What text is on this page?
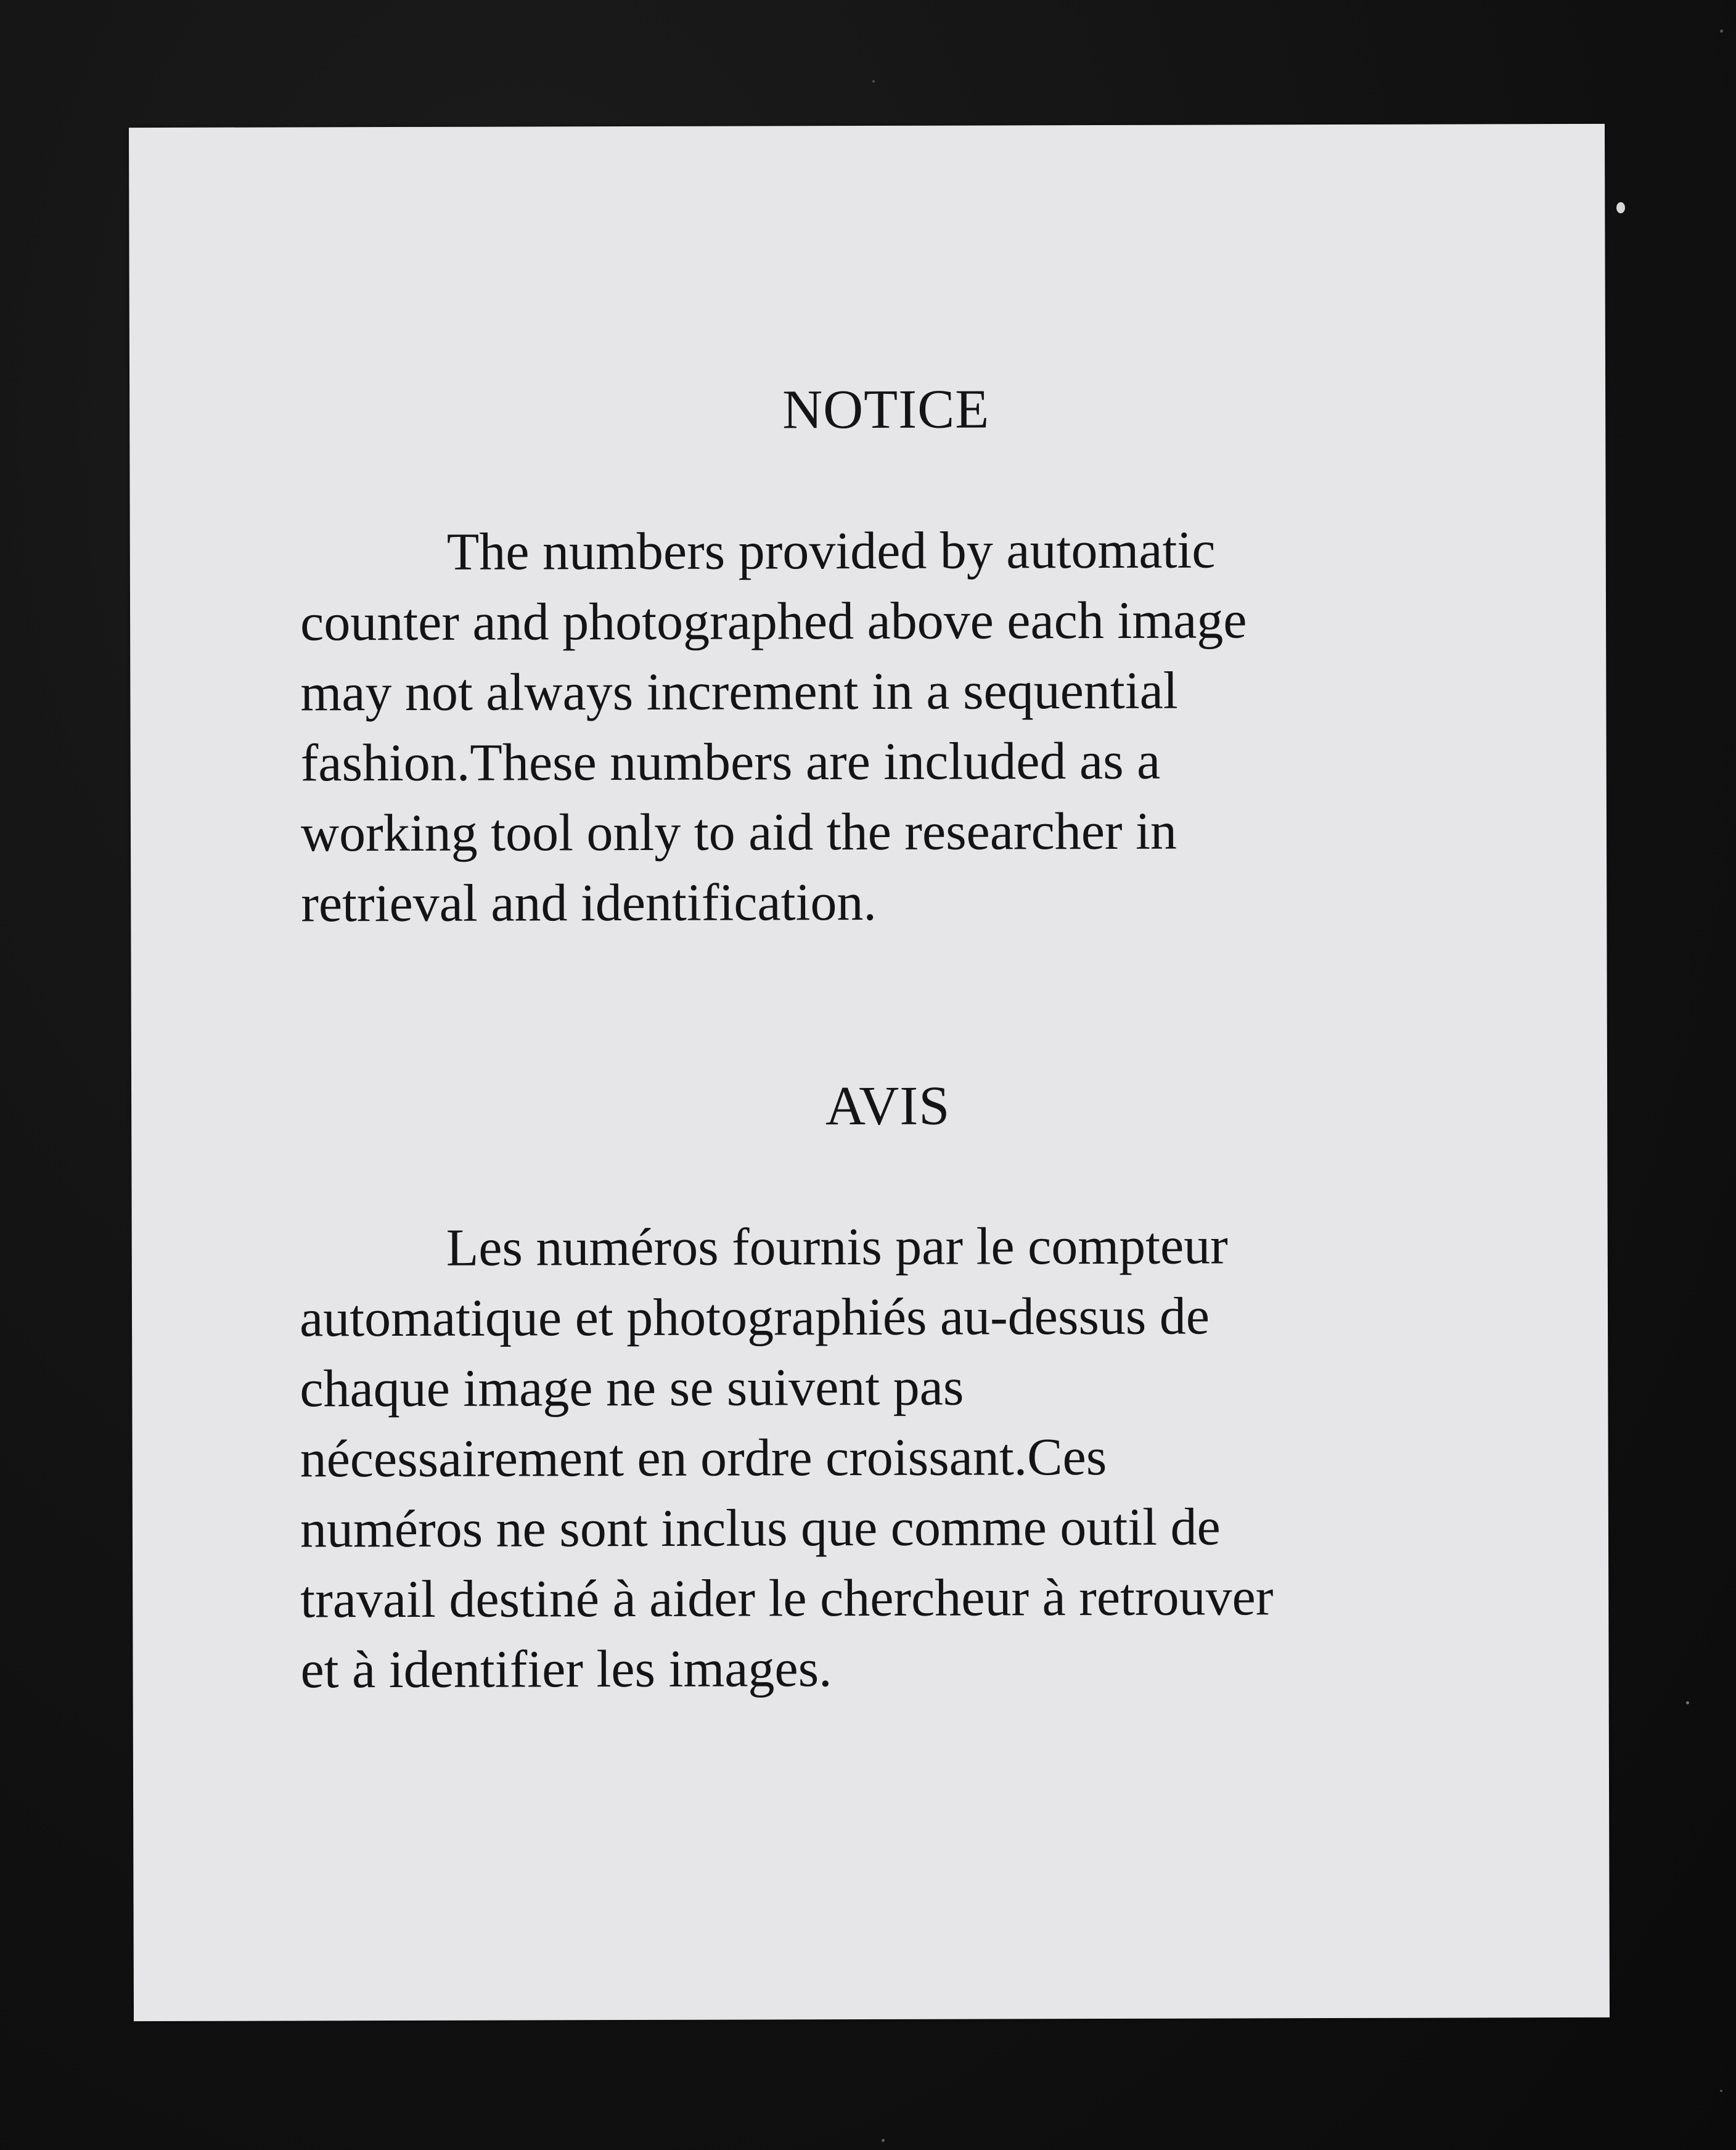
NOTICE

The numbers provided by automatic
counter and photographed above each image
may not always increment in a sequential
fashion.These numbers are included as a
working tool only to aid the researcher in
retrieval and identification.

AVIS

Les numéros fournis par le compteur
automatique et photographiés au-dessus de
chaque image ne se suivent pas
nécessairement en ordre croissant.Ces
numéros ne sont inclus que comme outil de
travail destiné à aider le chercheur à retrouver
et à identifier les images.
